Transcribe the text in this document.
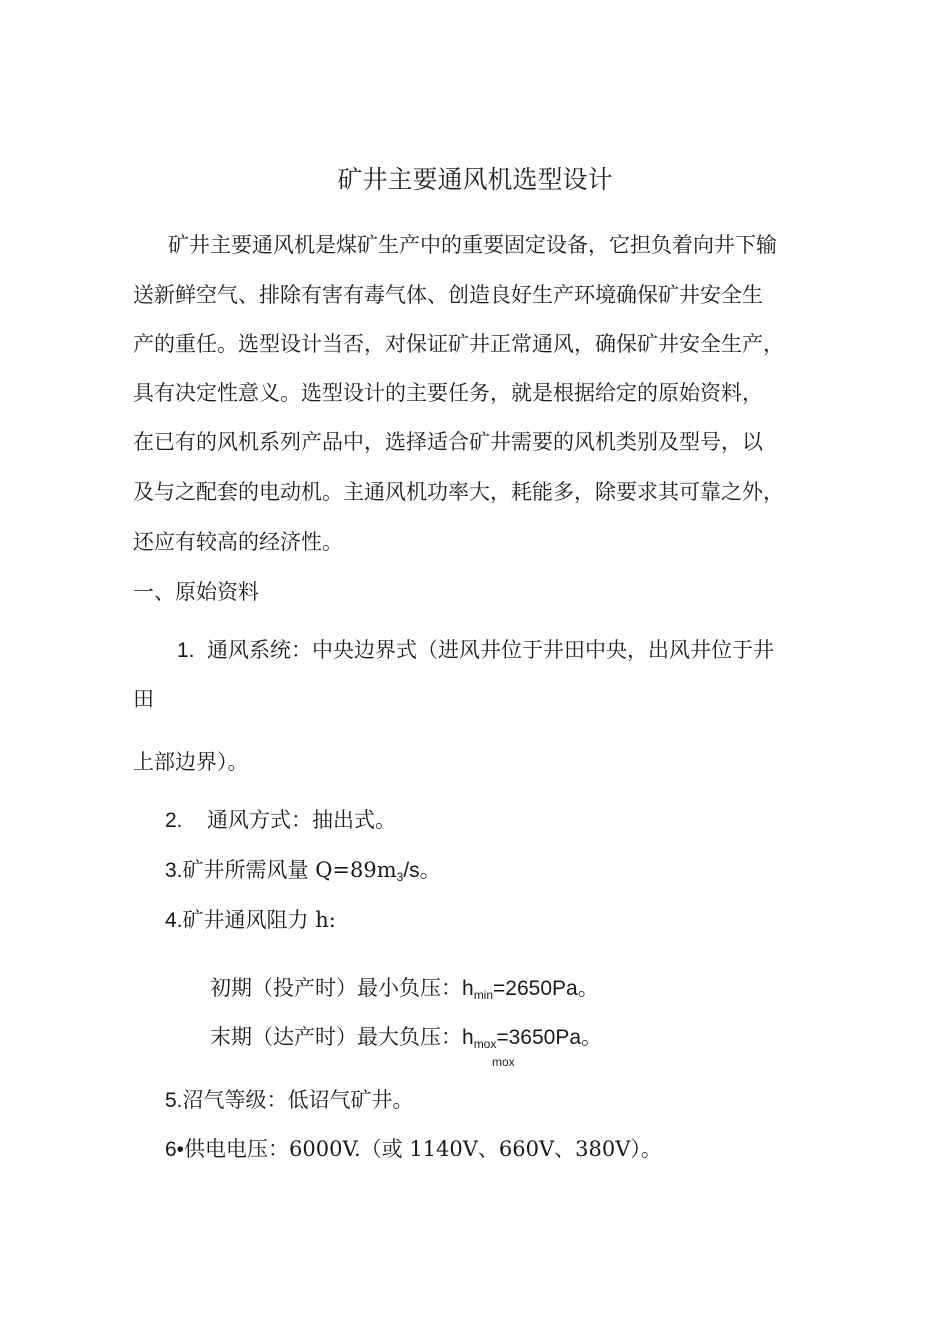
矿井主要通风机选型设计
矿井主要通风机是煤矿生产中的重要固定设备，它担负着向井下输
送新鲜空气、排除有害有毒气体、创造良好生产环境确保矿井安全生
产的重任。选型设计当否，对保证矿井正常通风，确保矿井安全生产，
具有决定性意义。选型设计的主要任务，就是根据给定的原始资料，
在已有的风机系列产品中，选择适合矿井需要的风机类别及型号，以
及与之配套的电动机。主通风机功率大，耗能多，除要求其可靠之外，
还应有较高的经济性。
一、原始资料
1. 通风系统：中央边界式（进风井位于井田中央，出风井位于井
田
上部边界）。
2. 通风方式：抽出式。
3.矿井所需风量 $Q=89m_3/s$。
4.矿井通风阻力 h:
初期（投产时）最小负压：$h_{min}=2650Pa$。
末期（达产时）最大负压：$h_{mox}=3650Pa$。
mox
5.沼气等级：低诏气矿井。
6•供电电压：6000V.（或 1140V、660V、380V）。
